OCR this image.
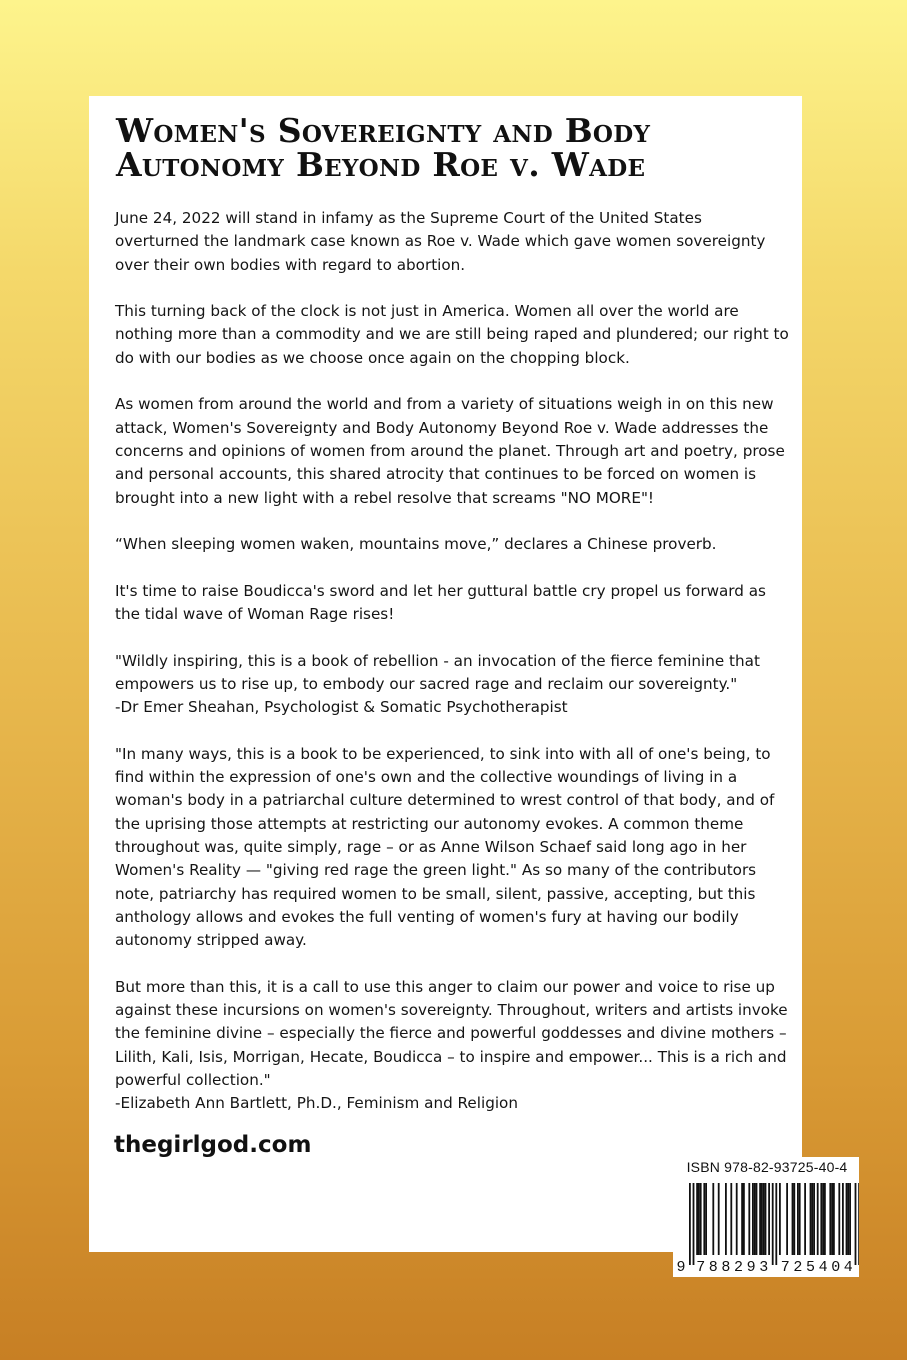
Women's Sovereignty and Body Autonomy Beyond Roe v. Wade

June 24, 2022 will stand in infamy as the Supreme Court of the United States overturned the landmark case known as Roe v. Wade which gave women sovereignty over their own bodies with regard to abortion.

This turning back of the clock is not just in America. Women all over the world are nothing more than a commodity and we are still being raped and plundered; our right to do with our bodies as we choose once again on the chopping block.

As women from around the world and from a variety of situations weigh in on this new attack, Women's Sovereignty and Body Autonomy Beyond Roe v. Wade addresses the concerns and opinions of women from around the planet. Through art and poetry, prose and personal accounts, this shared atrocity that continues to be forced on women is brought into a new light with a rebel resolve that screams "NO MORE"!

“When sleeping women waken, mountains move,” declares a Chinese proverb.

It's time to raise Boudicca's sword and let her guttural battle cry propel us forward as the tidal wave of Woman Rage rises!

"Wildly inspiring, this is a book of rebellion - an invocation of the fierce feminine that empowers us to rise up, to embody our sacred rage and reclaim our sovereignty."
-Dr Emer Sheahan, Psychologist & Somatic Psychotherapist

"In many ways, this is a book to be experienced, to sink into with all of one's being, to find within the expression of one's own and the collective woundings of living in a woman's body in a patriarchal culture determined to wrest control of that body, and of the uprising those attempts at restricting our autonomy evokes. A common theme throughout was, quite simply, rage – or as Anne Wilson Schaef said long ago in her Women's Reality — "giving red rage the green light." As so many of the contributors note, patriarchy has required women to be small, silent, passive, accepting, but this anthology allows and evokes the full venting of women's fury at having our bodily autonomy stripped away.

But more than this, it is a call to use this anger to claim our power and voice to rise up against these incursions on women's sovereignty. Throughout, writers and artists invoke the feminine divine – especially the fierce and powerful goddesses and divine mothers – Lilith, Kali, Isis, Morrigan, Hecate, Boudicca – to inspire and empower... This is a rich and powerful collection."
-Elizabeth Ann Bartlett, Ph.D., Feminism and Religion

thegirlgod.com
ISBN 978-82-93725-40-4
9 7 8 8 2 9 3 7 2 5 4 0 4
